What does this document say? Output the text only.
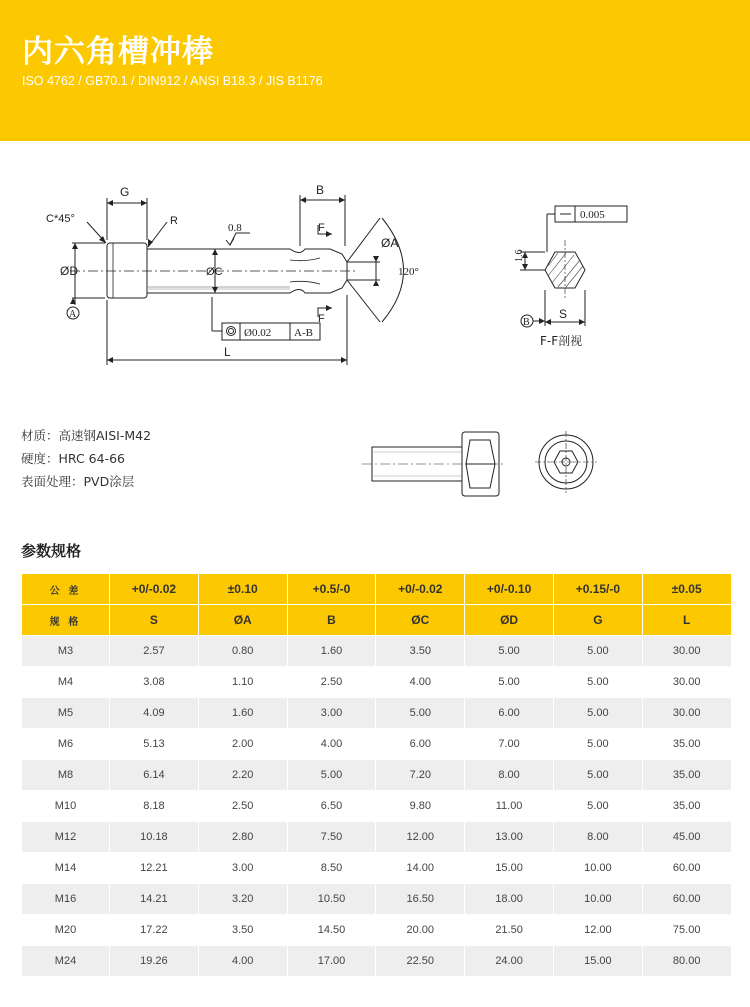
内六角槽冲棒
ISO 4762 / GB70.1 / DIN912 / ANSI B18.3 / JIS B1176
G	B
C*45°	R
0.8	F
F
ØA
120°
ØD	ØC
A
Ø0.02 A-B
L
0.005
1.6
B
S
F-F剖视
材质：高速钢AISI-M42
硬度：HRC 64-66
表面处理：PVD涂层
参数规格
公 差	+0/-0.02	±0.10	+0.5/-0	+0/-0.02	+0/-0.10	+0.15/-0	±0.05
规 格	S	ØA	B	ØC	ØD	G	L
M3	2.57	0.80	1.60	3.50	5.00	5.00	30.00
M4	3.08	1.10	2.50	4.00	5.00	5.00	30.00
M5	4.09	1.60	3.00	5.00	6.00	5.00	30.00
M6	5.13	2.00	4.00	6.00	7.00	5.00	35.00
M8	6.14	2.20	5.00	7.20	8.00	5.00	35.00
M10	8.18	2.50	6.50	9.80	11.00	5.00	35.00
M12	10.18	2.80	7.50	12.00	13.00	8.00	45.00
M14	12.21	3.00	8.50	14.00	15.00	10.00	60.00
M16	14.21	3.20	10.50	16.50	18.00	10.00	60.00
M20	17.22	3.50	14.50	20.00	21.50	12.00	75.00
M24	19.26	4.00	17.00	22.50	24.00	15.00	80.00
